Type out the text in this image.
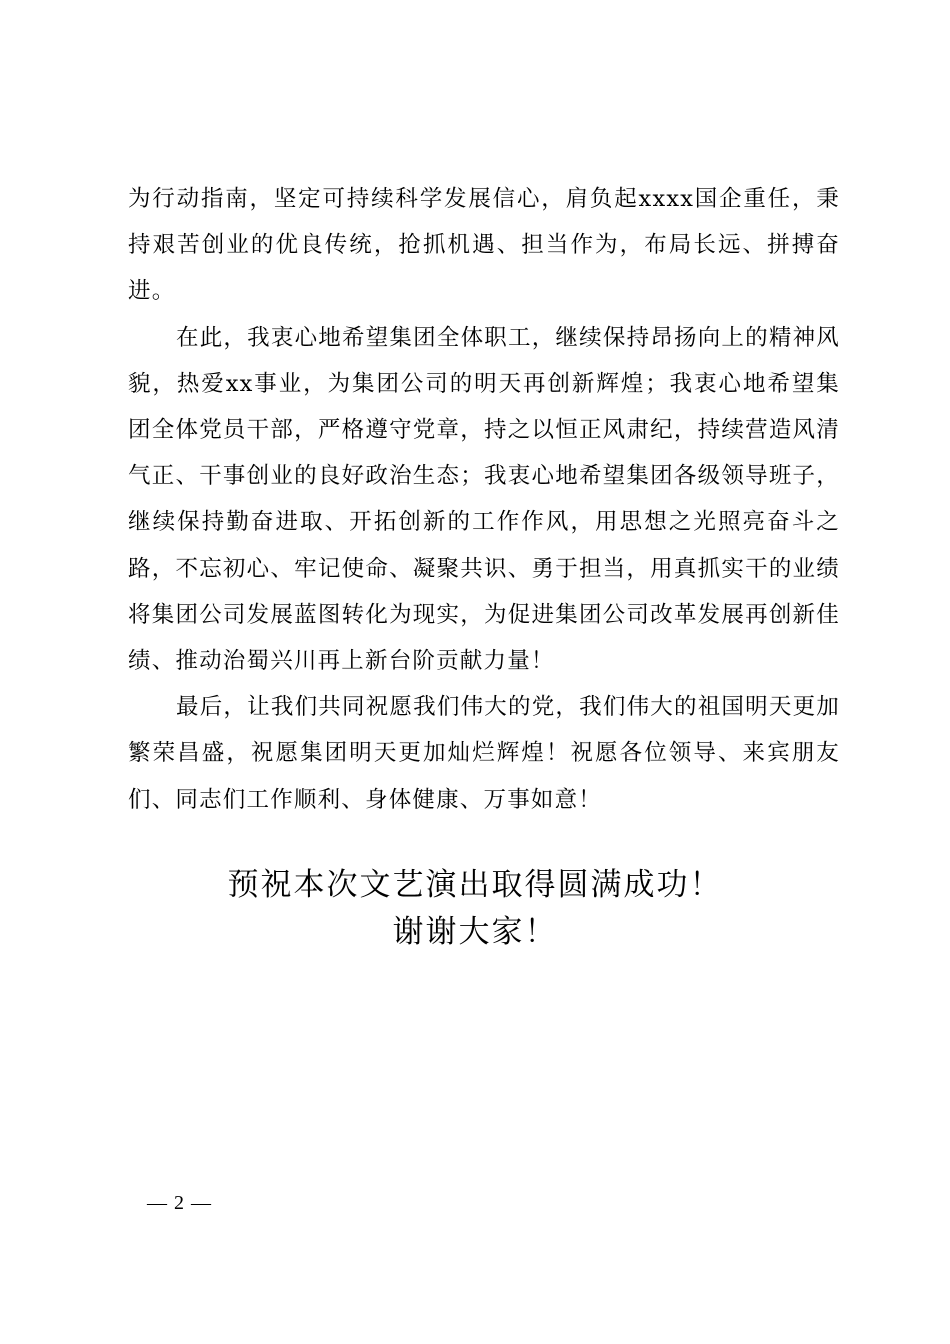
为行动指南，坚定可持续科学发展信心，肩负起xxxx国企重任，秉持艰苦创业的优良传统，抢抓机遇、担当作为，布局长远、拼搏奋进。

在此，我衷心地希望集团全体职工，继续保持昂扬向上的精神风貌，热爱xx事业，为集团公司的明天再创新辉煌；我衷心地希望集团全体党员干部，严格遵守党章，持之以恒正风肃纪，持续营造风清气正、干事创业的良好政治生态；我衷心地希望集团各级领导班子，继续保持勤奋进取、开拓创新的工作作风，用思想之光照亮奋斗之路，不忘初心、牢记使命、凝聚共识、勇于担当，用真抓实干的业绩将集团公司发展蓝图转化为现实，为促进集团公司改革发展再创新佳绩、推动治蜀兴川再上新台阶贡献力量！

最后，让我们共同祝愿我们伟大的党，我们伟大的祖国明天更加繁荣昌盛，祝愿集团明天更加灿烂辉煌！祝愿各位领导、来宾朋友们、同志们工作顺利、身体健康、万事如意！

预祝本次文艺演出取得圆满成功！
谢谢大家！
— 2 —
